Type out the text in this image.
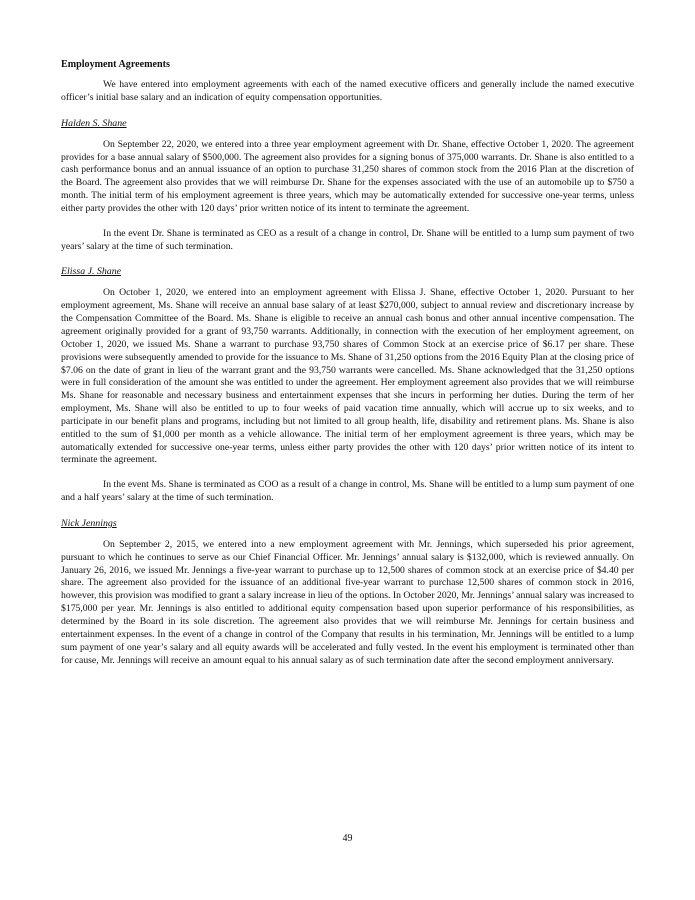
Employment Agreements

We have entered into employment agreements with each of the named executive officers and generally include the named executive officer’s initial base salary and an indication of equity compensation opportunities.

Halden S. Shane

On September 22, 2020, we entered into a three year employment agreement with Dr. Shane, effective October 1, 2020. The agreement provides for a base annual salary of $500,000. The agreement also provides for a signing bonus of 375,000 warrants. Dr. Shane is also entitled to a cash performance bonus and an annual issuance of an option to purchase 31,250 shares of common stock from the 2016 Plan at the discretion of the Board. The agreement also provides that we will reimburse Dr. Shane for the expenses associated with the use of an automobile up to $750 a month. The initial term of his employment agreement is three years, which may be automatically extended for successive one-year terms, unless either party provides the other with 120 days’ prior written notice of its intent to terminate the agreement.

In the event Dr. Shane is terminated as CEO as a result of a change in control, Dr. Shane will be entitled to a lump sum payment of two years’ salary at the time of such termination.

Elissa J. Shane

On October 1, 2020, we entered into an employment agreement with Elissa J. Shane, effective October 1, 2020. Pursuant to her employment agreement, Ms. Shane will receive an annual base salary of at least $270,000, subject to annual review and discretionary increase by the Compensation Committee of the Board. Ms. Shane is eligible to receive an annual cash bonus and other annual incentive compensation. The agreement originally provided for a grant of 93,750 warrants. Additionally, in connection with the execution of her employment agreement, on October 1, 2020, we issued Ms. Shane a warrant to purchase 93,750 shares of Common Stock at an exercise price of $6.17 per share. These provisions were subsequently amended to provide for the issuance to Ms. Shane of 31,250 options from the 2016 Equity Plan at the closing price of $7.06 on the date of grant in lieu of the warrant grant and the 93,750 warrants were cancelled. Ms. Shane acknowledged that the 31,250 options were in full consideration of the amount she was entitled to under the agreement. Her employment agreement also provides that we will reimburse Ms. Shane for reasonable and necessary business and entertainment expenses that she incurs in performing her duties. During the term of her employment, Ms. Shane will also be entitled to up to four weeks of paid vacation time annually, which will accrue up to six weeks, and to participate in our benefit plans and programs, including but not limited to all group health, life, disability and retirement plans. Ms. Shane is also entitled to the sum of $1,000 per month as a vehicle allowance. The initial term of her employment agreement is three years, which may be automatically extended for successive one-year terms, unless either party provides the other with 120 days’ prior written notice of its intent to terminate the agreement.

In the event Ms. Shane is terminated as COO as a result of a change in control, Ms. Shane will be entitled to a lump sum payment of one and a half years’ salary at the time of such termination.

Nick Jennings

On September 2, 2015, we entered into a new employment agreement with Mr. Jennings, which superseded his prior agreement, pursuant to which he continues to serve as our Chief Financial Officer. Mr. Jennings’ annual salary is $132,000, which is reviewed annually. On January 26, 2016, we issued Mr. Jennings a five-year warrant to purchase up to 12,500 shares of common stock at an exercise price of $4.40 per share. The agreement also provided for the issuance of an additional five-year warrant to purchase 12,500 shares of common stock in 2016, however, this provision was modified to grant a salary increase in lieu of the options. In October 2020, Mr. Jennings’ annual salary was increased to $175,000 per year. Mr. Jennings is also entitled to additional equity compensation based upon superior performance of his responsibilities, as determined by the Board in its sole discretion. The agreement also provides that we will reimburse Mr. Jennings for certain business and entertainment expenses. In the event of a change in control of the Company that results in his termination, Mr. Jennings will be entitled to a lump sum payment of one year’s salary and all equity awards will be accelerated and fully vested. In the event his employment is terminated other than for cause, Mr. Jennings will receive an amount equal to his annual salary as of such termination date after the second employment anniversary.

49
